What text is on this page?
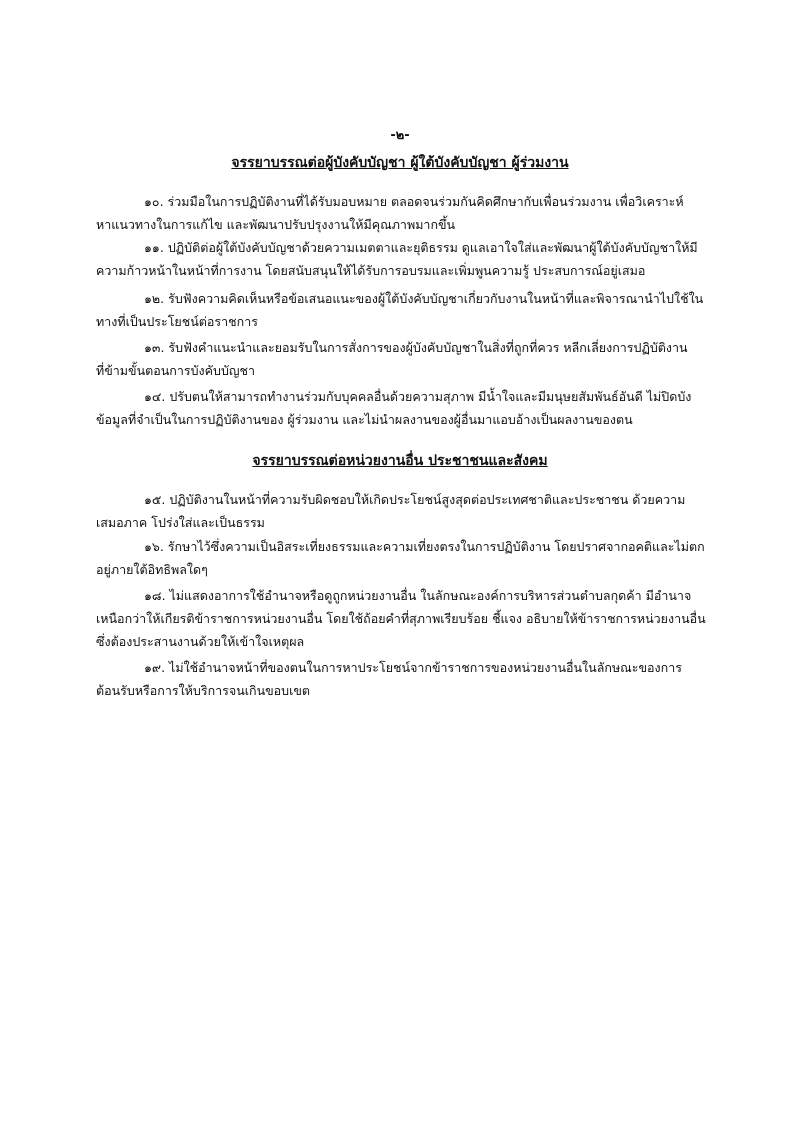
-๒-
จรรยาบรรณต่อผู้บังคับบัญชา ผู้ใต้บังคับบัญชา ผู้ร่วมงาน
๑๐. ร่วมมือในการปฏิบัติงานที่ได้รับมอบหมาย ตลอดจนร่วมกันคิดศึกษากับเพื่อนร่วมงาน เพื่อวิเคราะห์
หาแนวทางในการแก้ไข และพัฒนาปรับปรุงงานให้มีคุณภาพมากขึ้น
๑๑. ปฏิบัติต่อผู้ใต้บังคับบัญชาด้วยความเมตตาและยุติธรรม ดูแลเอาใจใส่และพัฒนาผู้ใต้บังคับบัญชาให้มี
ความก้าวหน้าในหน้าที่การงาน โดยสนับสนุนให้ได้รับการอบรมและเพิ่มพูนความรู้ ประสบการณ์อยู่เสมอ
๑๒. รับฟังความคิดเห็นหรือข้อเสนอแนะของผู้ใต้บังคับบัญชาเกี่ยวกับงานในหน้าที่และพิจารณานำไปใช้ใน
ทางที่เป็นประโยชน์ต่อราชการ
๑๓. รับฟังคำแนะนำและยอมรับในการสั่งการของผู้บังคับบัญชาในสิ่งที่ถูกที่ควร หลีกเลี่ยงการปฏิบัติงาน
ที่ข้ามขั้นตอนการบังคับบัญชา
๑๔. ปรับตนให้สามารถทำงานร่วมกับบุคคลอื่นด้วยความสุภาพ มีน้ำใจและมีมนุษยสัมพันธ์อันดี ไม่ปิดบัง
ข้อมูลที่จำเป็นในการปฏิบัติงานของ ผู้ร่วมงาน และไม่นำผลงานของผู้อื่นมาแอบอ้างเป็นผลงานของตน
จรรยาบรรณต่อหน่วยงานอื่น ประชาชนและสังคม
๑๕. ปฏิบัติงานในหน้าที่ความรับผิดชอบให้เกิดประโยชน์สูงสุดต่อประเทศชาติและประชาชน ด้วยความ
เสมอภาค โปร่งใส่และเป็นธรรม
๑๖. รักษาไว้ซึ่งความเป็นอิสระเที่ยงธรรมและความเที่ยงตรงในการปฏิบัติงาน โดยปราศจากอคติและไม่ตก
อยู่ภายใต้อิทธิพลใดๆ
๑๘. ไม่แสดงอาการใช้อำนาจหรือดูถูกหน่วยงานอื่น ในลักษณะองค์การบริหารส่วนตำบลกุดค้า มีอำนาจ
เหนือกว่าให้เกียรติข้าราชการหน่วยงานอื่น โดยใช้ถ้อยคำที่สุภาพเรียบร้อย ชี้แจง อธิบายให้ข้าราชการหน่วยงานอื่น
ซึ่งต้องประสานงานด้วยให้เข้าใจเหตุผล
๑๙. ไม่ใช้อำนาจหน้าที่ของตนในการหาประโยชน์จากข้าราชการของหน่วยงานอื่นในลักษณะของการ
ต้อนรับหรือการให้บริการจนเกินขอบเขต
